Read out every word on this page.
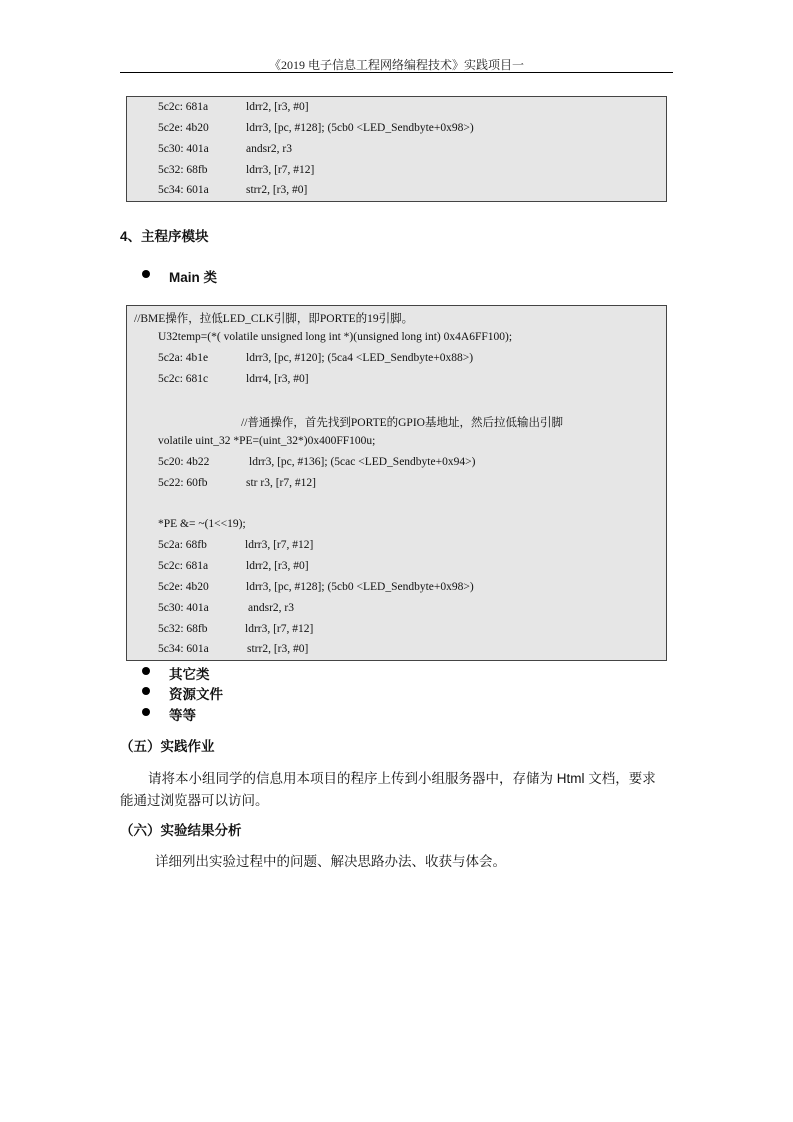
《2019 电子信息工程网络编程技术》实践项目一
5c2c: 681a	ldrr2, [r3, #0]
5c2e: 4b20	ldrr3, [pc, #128]; (5cb0 <LED_Sendbyte+0x98>)
5c30: 401a	andsr2, r3
5c32: 68fb	ldrr3, [r7, #12]
5c34: 601a	strr2, [r3, #0]
4、主程序模块
Main 类
//BME操作，拉低LED_CLK引脚，即PORTE的19引脚。
U32temp=(*( volatile unsigned long int *)(unsigned long int) 0x4A6FF100);
5c2a: 4b1e	ldrr3, [pc, #120]; (5ca4 <LED_Sendbyte+0x88>)
5c2c: 681c	ldrr4, [r3, #0]
//普通操作，首先找到PORTE的GPIO基地址，然后拉低输出引脚
volatile uint_32 *PE=(uint_32*)0x400FF100u;
5c20: 4b22	ldrr3, [pc, #136]; (5cac <LED_Sendbyte+0x94>)
5c22: 60fb	str r3, [r7, #12]
*PE &= ~(1<<19);
5c2a: 68fb	ldrr3, [r7, #12]
5c2c: 681a	ldrr2, [r3, #0]
5c2e: 4b20	ldrr3, [pc, #128]; (5cb0 <LED_Sendbyte+0x98>)
5c30: 401a	andsr2, r3
5c32: 68fb	ldrr3, [r7, #12]
5c34: 601a	strr2, [r3, #0]
其它类
资源文件
等等
（五）实践作业
请将本小组同学的信息用本项目的程序上传到小组服务器中，存储为 Html 文档，要求
能通过浏览器可以访问。
（六）实验结果分析
详细列出实验过程中的问题、解决思路办法、收获与体会。
